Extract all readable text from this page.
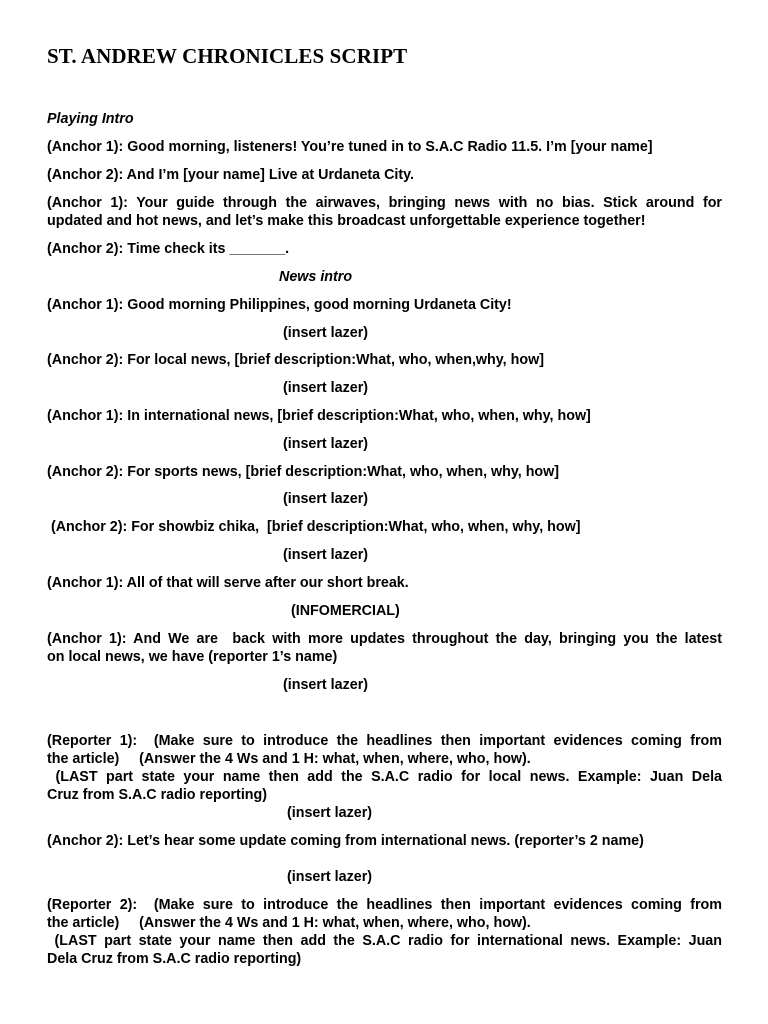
ST. ANDREW CHRONICLES SCRIPT
Playing Intro
(Anchor 1): Good morning, listeners! You’re tuned in to S.A.C Radio 11.5. I’m [your name]
(Anchor 2): And I’m [your name] Live at Urdaneta City.
(Anchor 1): Your guide through the airwaves, bringing news with no bias. Stick around for
updated and hot news, and let’s make this broadcast unforgettable experience together!
(Anchor 2): Time check its _______.
News intro
(Anchor 1): Good morning Philippines, good morning Urdaneta City!
(insert lazer)
(Anchor 2): For local news, [brief description:What, who, when,why, how]
(insert lazer)
(Anchor 1): In international news, [brief description:What, who, when, why, how]
(insert lazer)
(Anchor 2): For sports news, [brief description:What, who, when, why, how]
(insert lazer)
(Anchor 2): For showbiz chika,  [brief description:What, who, when, why, how]
(insert lazer)
(Anchor 1): All of that will serve after our short break.
(INFOMERCIAL)
(Anchor 1): And We are  back with more updates throughout the day, bringing you the latest
on local news, we have (reporter 1’s name)
(insert lazer)
(Reporter 1):  (Make sure to introduce the headlines then important evidences coming from
the article)     (Answer the 4 Ws and 1 H: what, when, where, who, how).
(LAST part state your name then add the S.A.C radio for local news. Example: Juan Dela
Cruz from S.A.C radio reporting)
(insert lazer)
(Anchor 2): Let’s hear some update coming from international news. (reporter’s 2 name)
(insert lazer)
(Reporter 2):  (Make sure to introduce the headlines then important evidences coming from
the article)     (Answer the 4 Ws and 1 H: what, when, where, who, how).
(LAST part state your name then add the S.A.C radio for international news. Example: Juan
Dela Cruz from S.A.C radio reporting)
